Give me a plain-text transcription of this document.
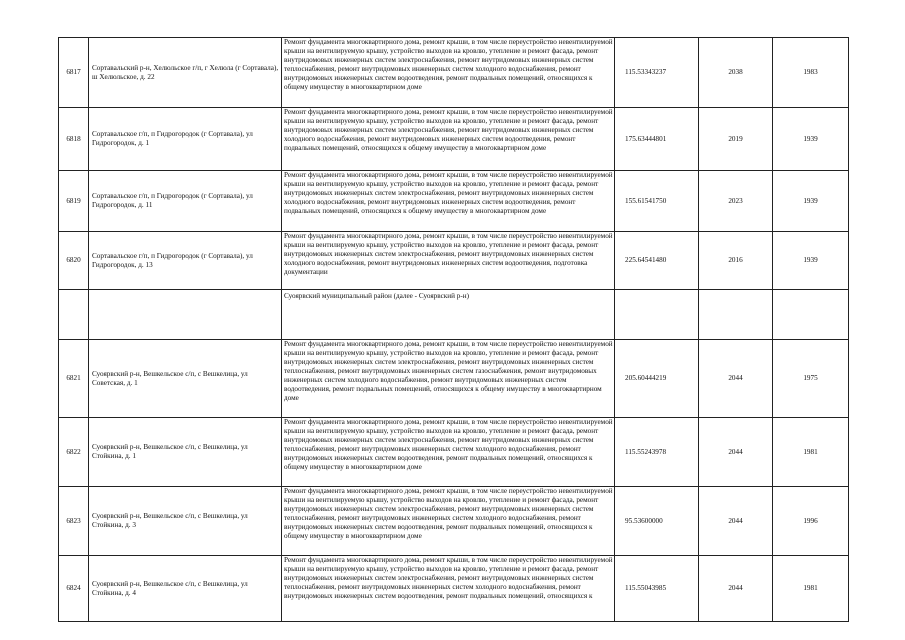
6817	Сортавальский р-н, Хелюльское г/п, г Хелюла (г Сортавала), ш Хелюльское, д. 22	Ремонт фундамента многоквартирного дома, ремонт крыши, в том числе переустройство невентилируемой крыши на вентилируемую крышу, устройство выходов на кровлю, утепление и ремонт фасада, ремонт внутридомовых инженерных систем электроснабжения, ремонт внутридомовых инженерных систем теплоснабжения, ремонт внутридомовых инженерных систем холодного водоснабжения, ремонт внутридомовых инженерных систем водоотведения, ремонт подвальных помещений, относящихся к общему имуществу в многоквартирном доме	115.53343237	2038	1983
6818	Сортавальское г/п, п Гидрогородок (г Сортавала), ул Гидрогородок, д. 1	Ремонт фундамента многоквартирного дома, ремонт крыши, в том числе переустройство невентилируемой крыши на вентилируемую крышу, устройство выходов на кровлю, утепление и ремонт фасада, ремонт внутридомовых инженерных систем электроснабжения, ремонт внутридомовых инженерных систем холодного водоснабжения, ремонт внутридомовых инженерных систем водоотведения, ремонт подвальных помещений, относящихся к общему имуществу в многоквартирном доме	175.63444801	2019	1939
6819	Сортавальское г/п, п Гидрогородок (г Сортавала), ул Гидрогородок, д. 11	Ремонт фундамента многоквартирного дома, ремонт крыши, в том числе переустройство невентилируемой крыши на вентилируемую крышу, устройство выходов на кровлю, утепление и ремонт фасада, ремонт внутридомовых инженерных систем электроснабжения, ремонт внутридомовых инженерных систем холодного водоснабжения, ремонт внутридомовых инженерных систем водоотведения, ремонт подвальных помещений, относящихся к общему имуществу в многоквартирном доме	155.61541750	2023	1939
6820	Сортавальское г/п, п Гидрогородок (г Сортавала), ул Гидрогородок, д. 13	Ремонт фундамента многоквартирного дома, ремонт крыши, в том числе переустройство невентилируемой крыши на вентилируемую крышу, устройство выходов на кровлю, утепление и ремонт фасада, ремонт внутридомовых инженерных систем электроснабжения, ремонт внутридомовых инженерных систем холодного водоснабжения, ремонт внутридомовых инженерных систем водоотведения, подготовка документации	225.64541480	2016	1939
		Суоярвский муниципальный район (далее - Суоярвский р-н)			
6821	Суоярвский р-н, Вешкельское с/п, с Вешкелица, ул Советская, д. 1	Ремонт фундамента многоквартирного дома, ремонт крыши, в том числе переустройство невентилируемой крыши на вентилируемую крышу, устройство выходов на кровлю, утепление и ремонт фасада, ремонт внутридомовых инженерных систем электроснабжения, ремонт внутридомовых инженерных систем теплоснабжения, ремонт внутридомовых инженерных систем газоснабжения, ремонт внутридомовых инженерных систем холодного водоснабжения, ремонт внутридомовых инженерных систем водоотведения, ремонт подвальных помещений, относящихся к общему имуществу в многоквартирном доме	205.60444219	2044	1975
6822	Суоярвский р-н, Вешкельское с/п, с Вешкелица, ул Стойкина, д. 1	Ремонт фундамента многоквартирного дома, ремонт крыши, в том числе переустройство невентилируемой крыши на вентилируемую крышу, устройство выходов на кровлю, утепление и ремонт фасада, ремонт внутридомовых инженерных систем электроснабжения, ремонт внутридомовых инженерных систем теплоснабжения, ремонт внутридомовых инженерных систем холодного водоснабжения, ремонт внутридомовых инженерных систем водоотведения, ремонт подвальных помещений, относящихся к общему имуществу в многоквартирном доме	115.55243978	2044	1981
6823	Суоярвский р-н, Вешкельское с/п, с Вешкелица, ул Стойкина, д. 3	Ремонт фундамента многоквартирного дома, ремонт крыши, в том числе переустройство невентилируемой крыши на вентилируемую крышу, устройство выходов на кровлю, утепление и ремонт фасада, ремонт внутридомовых инженерных систем электроснабжения, ремонт внутридомовых инженерных систем теплоснабжения, ремонт внутридомовых инженерных систем холодного водоснабжения, ремонт внутридомовых инженерных систем водоотведения, ремонт подвальных помещений, относящихся к общему имуществу в многоквартирном доме	95.53600000	2044	1996
6824	Суоярвский р-н, Вешкельское с/п, с Вешкелица, ул Стойкина, д. 4	Ремонт фундамента многоквартирного дома, ремонт крыши, в том числе переустройство невентилируемой крыши на вентилируемую крышу, устройство выходов на кровлю, утепление и ремонт фасада, ремонт внутридомовых инженерных систем электроснабжения, ремонт внутридомовых инженерных систем теплоснабжения, ремонт внутридомовых инженерных систем холодного водоснабжения, ремонт внутридомовых инженерных систем водоотведения, ремонт подвальных помещений, относящихся к	115.55043985	2044	1981
